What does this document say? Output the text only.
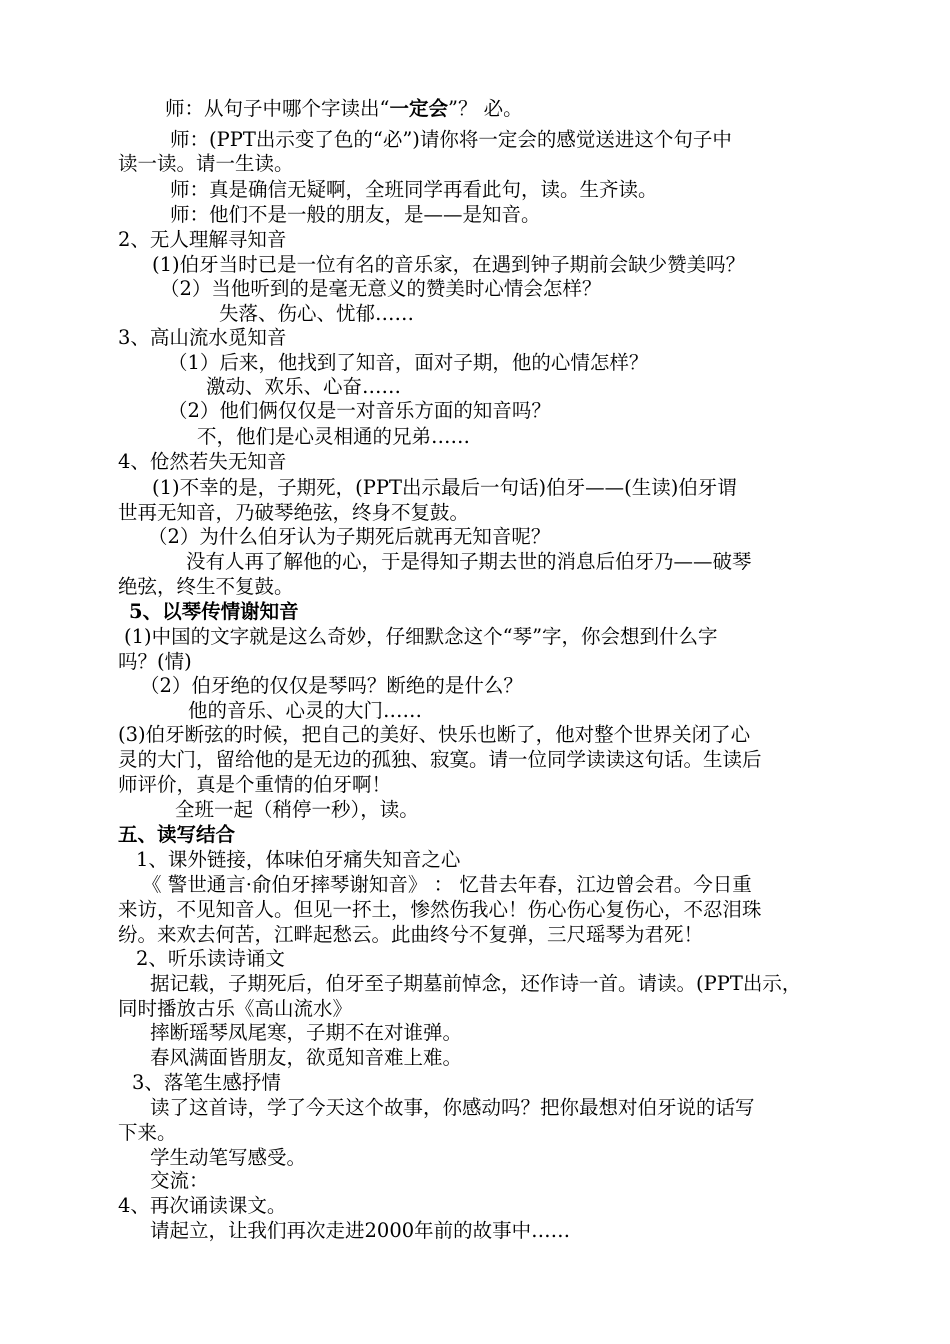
师：从句子中哪个字读出“一定会”？ 必。
师：(PPT出示变了色的“必”)请你将一定会的感觉送进这个句子中
读一读。请一生读。
师：真是确信无疑啊，全班同学再看此句，读。生齐读。
师：他们不是一般的朋友，是——是知音。
2、无人理解寻知音
(1)伯牙当时已是一位有名的音乐家，在遇到钟子期前会缺少赞美吗？
（2）当他听到的是毫无意义的赞美时心情会怎样？
失落、伤心、忧郁……
3、高山流水觅知音
（1）后来，他找到了知音，面对子期，他的心情怎样？
激动、欢乐、心奋……
（2）他们俩仅仅是一对音乐方面的知音吗？
不，他们是心灵相通的兄弟……
4、伧然若失无知音
(1)不幸的是，子期死，(PPT出示最后一句话)伯牙——(生读)伯牙谓
世再无知音，乃破琴绝弦，终身不复鼓。
（2）为什么伯牙认为子期死后就再无知音呢？
没有人再了解他的心，于是得知子期去世的消息后伯牙乃——破琴
绝弦，终生不复鼓。
5、以琴传情谢知音
(1)中国的文字就是这么奇妙，仔细默念这个“琴”字，你会想到什么字
吗？(情)
（2）伯牙绝的仅仅是琴吗？断绝的是什么？
他的音乐、心灵的大门……
(3)伯牙断弦的时候，把自己的美好、快乐也断了，他对整个世界关闭了心
灵的大门，留给他的是无边的孤独、寂寞。请一位同学读读这句话。生读后
师评价，真是个重情的伯牙啊！
全班一起（稍停一秒），读。
五、读写结合
1、课外链接，体味伯牙痛失知音之心
《 警世通言·俞伯牙摔琴谢知音》 ： 忆昔去年春，江边曾会君。今日重
来访，不见知音人。但见一抔土，惨然伤我心！伤心伤心复伤心，不忍泪珠
纷。来欢去何苦，江畔起愁云。此曲终兮不复弹，三尺瑶琴为君死！
2、听乐读诗诵文
据记载，子期死后，伯牙至子期墓前悼念，还作诗一首。请读。(PPT出示，
同时播放古乐《高山流水》
摔断瑶琴凤尾寒，子期不在对谁弹。
春风满面皆朋友，欲觅知音难上难。
3、落笔生感抒情
读了这首诗，学了今天这个故事，你感动吗？把你最想对伯牙说的话写
下来。
学生动笔写感受。
交流：
4、再次诵读课文。
请起立，让我们再次走进2000年前的故事中……
